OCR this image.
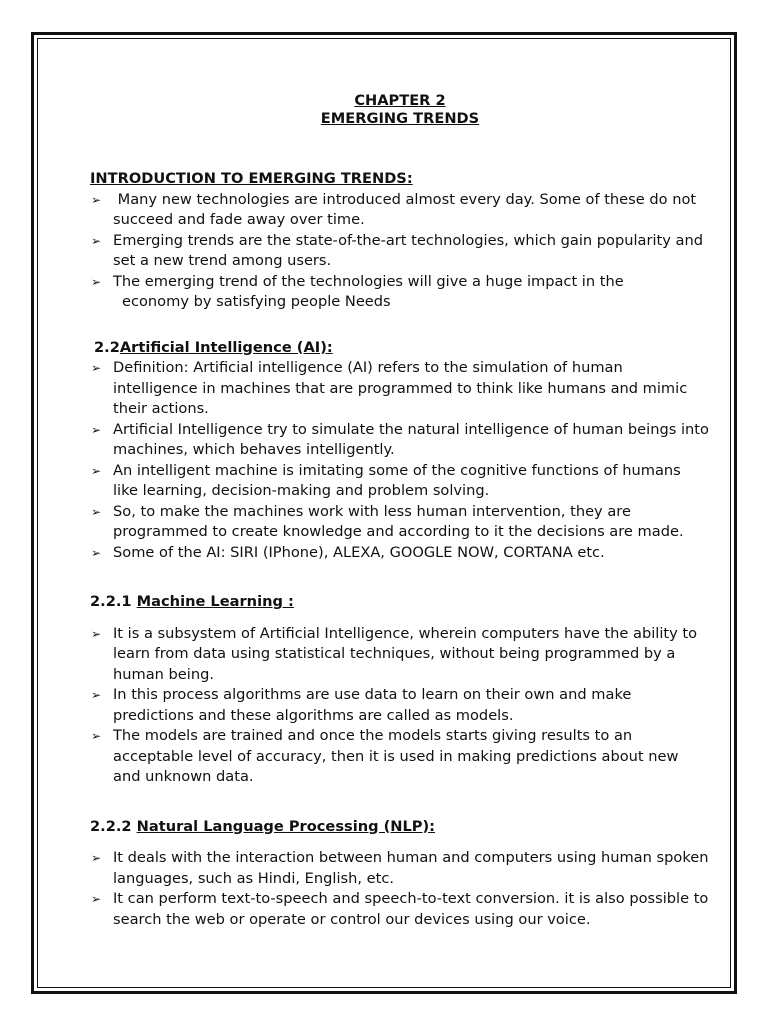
CHAPTER 2
EMERGING TRENDS
INTRODUCTION TO EMERGING TRENDS:
➢ Many new technologies are introduced almost every day. Some of these do not succeed and fade away over time.
➢ Emerging trends are the state-of-the-art technologies, which gain popularity and set a new trend among users.
➢ The emerging trend of the technologies will give a huge impact in the
economy by satisfying people Needs
2.2Artificial Intelligence (AI):
➢ Definition: Artificial intelligence (AI) refers to the simulation of human intelligence in machines that are programmed to think like humans and mimic their actions.
➢ Artificial Intelligence try to simulate the natural intelligence of human beings into machines, which behaves intelligently.
➢ An intelligent machine is imitating some of the cognitive functions of humans like learning, decision-making and problem solving.
➢ So, to make the machines work with less human intervention, they are programmed to create knowledge and according to it the decisions are made.
➢ Some of the AI: SIRI (IPhone), ALEXA, GOOGLE NOW, CORTANA etc.
2.2.1 Machine Learning :
➢ It is a subsystem of Artificial Intelligence, wherein computers have the ability to learn from data using statistical techniques, without being programmed by a human being.
➢ In this process algorithms are use data to learn on their own and make predictions and these algorithms are called as models.
➢ The models are trained and once the models starts giving results to an acceptable level of accuracy, then it is used in making predictions about new and unknown data.
2.2.2 Natural Language Processing (NLP):
➢ It deals with the interaction between human and computers using human spoken languages, such as Hindi, English, etc.
➢ It can perform text-to-speech and speech-to-text conversion. it is also possible to search the web or operate or control our devices using our voice.
